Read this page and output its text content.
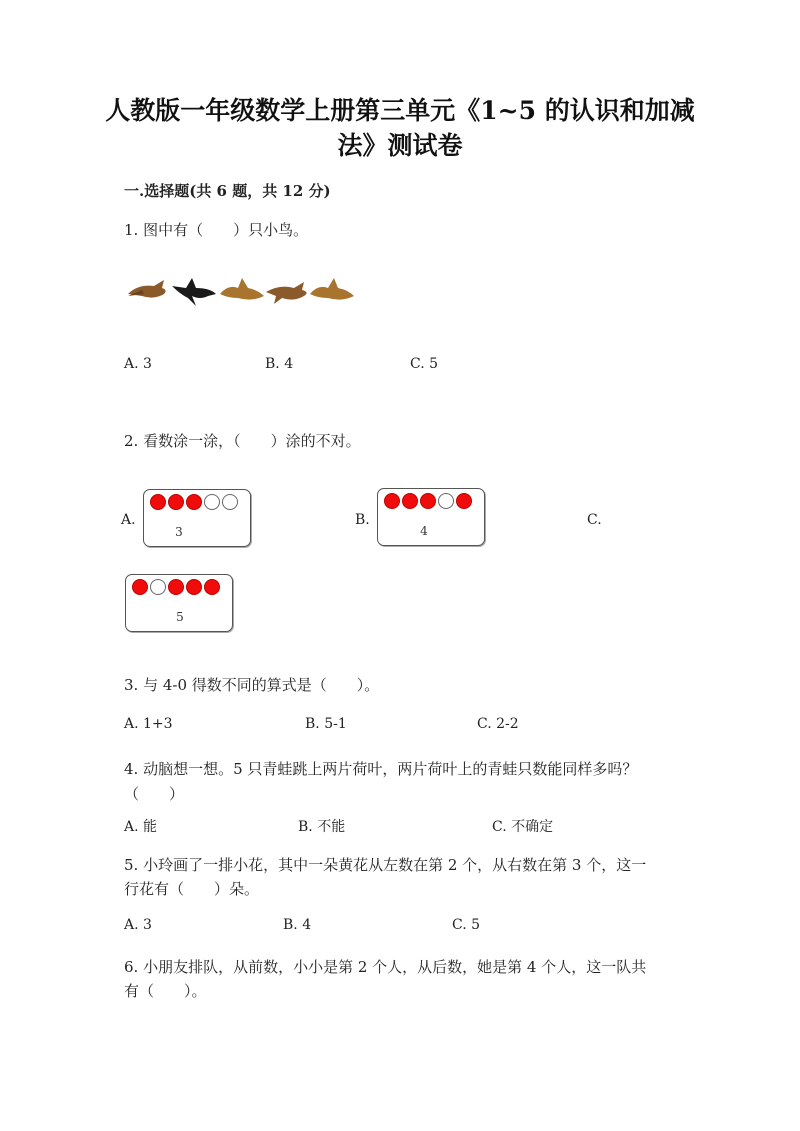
人教版一年级数学上册第三单元《1~5 的认识和加减
法》测试卷
一.选择题(共 6 题，共 12 分)
1. 图中有（　　）只小鸟。
A. 3	B. 4	C. 5
2. 看数涂一涂，（　　）涂的不对。
A.
3
B.
4
C.
5
3. 与 4-0 得数不同的算式是（　　）。
A. 1+3	B. 5-1	C. 2-2
4. 动脑想一想。5 只青蛙跳上两片荷叶，两片荷叶上的青蛙只数能同样多吗？
（　　）
A. 能	B. 不能	C. 不确定
5. 小玲画了一排小花，其中一朵黄花从左数在第 2 个，从右数在第 3 个，这一
行花有（　　）朵。
A. 3	B. 4	C. 5
6. 小朋友排队，从前数，小小是第 2 个人，从后数，她是第 4 个人，这一队共
有（　　）。
